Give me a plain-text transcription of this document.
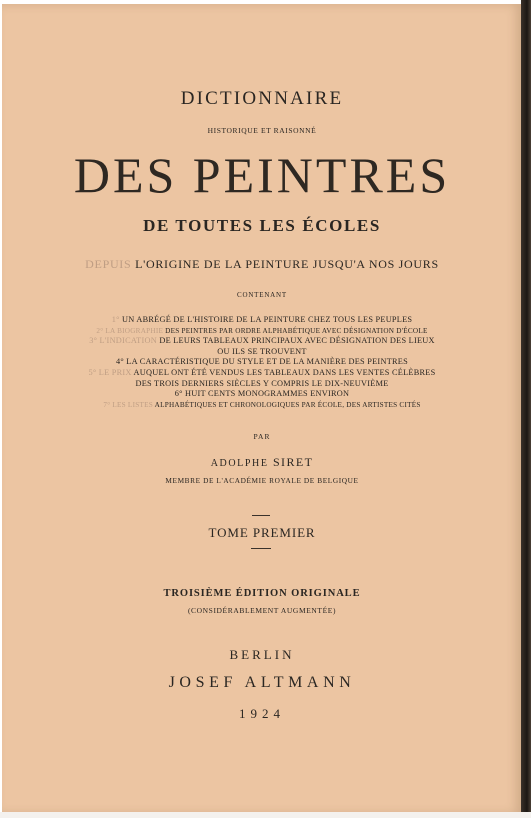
DICTIONNAIRE
HISTORIQUE ET RAISONNÉ
DES PEINTRES
DE TOUTES LES ÉCOLES
DEPUIS L'ORIGINE DE LA PEINTURE JUSQU'A NOS JOURS
CONTENANT
1° UN ABRÉGÉ DE L'HISTOIRE DE LA PEINTURE CHEZ TOUS LES PEUPLES
2° LA BIOGRAPHIE DES PEINTRES PAR ORDRE ALPHABÉTIQUE AVEC DÉSIGNATION D'ÉCOLE
3° L'INDICATION DE LEURS TABLEAUX PRINCIPAUX AVEC DÉSIGNATION DES LIEUX
OU ILS SE TROUVENT
4° LA CARACTÉRISTIQUE DU STYLE ET DE LA MANIÈRE DES PEINTRES
5° LE PRIX AUQUEL ONT ÉTÉ VENDUS LES TABLEAUX DANS LES VENTES CÉLÈBRES
DES TROIS DERNIERS SIÈCLES Y COMPRIS LE DIX-NEUVIÈME
6° HUIT CENTS MONOGRAMMES ENVIRON
7° LES LISTES ALPHABÉTIQUES ET CHRONOLOGIQUES PAR ÉCOLE, DES ARTISTES CITÉS
PAR
ADOLPHE SIRET
MEMBRE DE L'ACADÉMIE ROYALE DE BELGIQUE
TOME PREMIER
TROISIÈME ÉDITION ORIGINALE
(CONSIDÉRABLEMENT AUGMENTÉE)
BERLIN
JOSEF ALTMANN
1924
